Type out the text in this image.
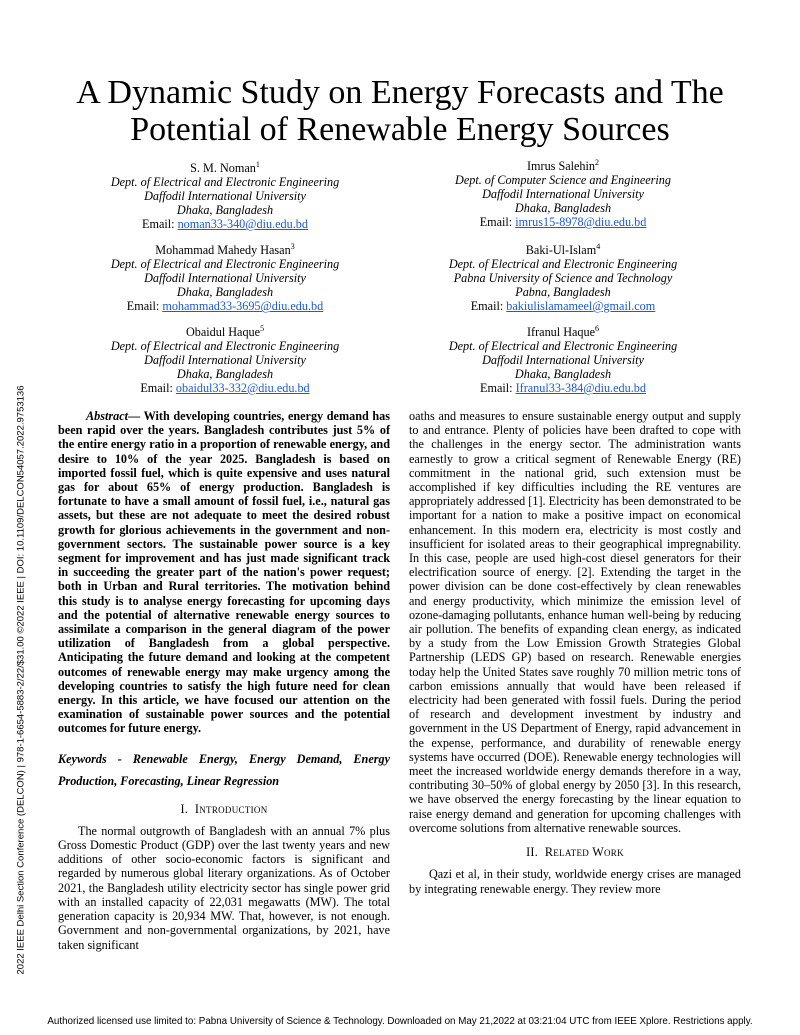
2022 IEEE Delhi Section Conference (DELCON) | 978-1-6654-5883-2/22/$31.00 ©2022 IEEE | DOI: 10.1109/DELCON54057.2022.9753136
A Dynamic Study on Energy Forecasts and The
Potential of Renewable Energy Sources
S. M. Noman$^1$
Dept. of Electrical and Electronic Engineering
Daffodil International University
Dhaka, Bangladesh
Email: noman33-340@diu.edu.bd
Imrus Salehin$^2$
Dept. of Computer Science and Engineering
Daffodil International University
Dhaka, Bangladesh
Email: imrus15-8978@diu.edu.bd
Mohammad Mahedy Hasan$^3$
Dept. of Electrical and Electronic Engineering
Daffodil International University
Dhaka, Bangladesh
Email: mohammad33-3695@diu.edu.bd
Baki-Ul-Islam$^4$
Dept. of Electrical and Electronic Engineering
Pabna University of Science and Technology
Pabna, Bangladesh
Email: bakiulislamameel@gmail.com
Obaidul Haque$^5$
Dept. of Electrical and Electronic Engineering
Daffodil International University
Dhaka, Bangladesh
Email: obaidul33-332@diu.edu.bd
Ifranul Haque$^6$
Dept. of Electrical and Electronic Engineering
Daffodil International University
Dhaka, Bangladesh
Email: Ifranul33-384@diu.edu.bd

Abstract— With developing countries, energy demand has been rapid over the years. Bangladesh contributes just 5% of the entire energy ratio in a proportion of renewable energy, and desire to 10% of the year 2025. Bangladesh is based on imported fossil fuel, which is quite expensive and uses natural gas for about 65% of energy production. Bangladesh is fortunate to have a small amount of fossil fuel, i.e., natural gas assets, but these are not adequate to meet the desired robust growth for glorious achievements in the government and non-government sectors. The sustainable power source is a key segment for improvement and has just made significant track in succeeding the greater part of the nation's power request; both in Urban and Rural territories. The motivation behind this study is to analyse energy forecasting for upcoming days and the potential of alternative renewable energy sources to assimilate a comparison in the general diagram of the power utilization of Bangladesh from a global perspective. Anticipating the future demand and looking at the competent outcomes of renewable energy may make urgency among the developing countries to satisfy the high future need for clean energy. In this article, we have focused our attention on the examination of sustainable power sources and the potential outcomes for future energy.

Keywords - Renewable Energy, Energy Demand, Energy Production, Forecasting, Linear Regression

I. Introduction

The normal outgrowth of Bangladesh with an annual 7% plus Gross Domestic Product (GDP) over the last twenty years and new additions of other socio-economic factors is significant and regarded by numerous global literary organizations. As of October 2021, the Bangladesh utility electricity sector has single power grid with an installed capacity of 22,031 megawatts (MW). The total generation capacity is 20,934 MW. That, however, is not enough. Government and non-governmental organizations, by 2021, have taken significant

oaths and measures to ensure sustainable energy output and supply to and entrance. Plenty of policies have been drafted to cope with the challenges in the energy sector. The administration wants earnestly to grow a critical segment of Renewable Energy (RE) commitment in the national grid, such extension must be accomplished if key difficulties including the RE ventures are appropriately addressed [1]. Electricity has been demonstrated to be important for a nation to make a positive impact on economical enhancement. In this modern era, electricity is most costly and insufficient for isolated areas to their geographical impregnability. In this case, people are used high-cost diesel generators for their electrification source of energy. [2]. Extending the target in the power division can be done cost-effectively by clean renewables and energy productivity, which minimize the emission level of ozone-damaging pollutants, enhance human well-being by reducing air pollution. The benefits of expanding clean energy, as indicated by a study from the Low Emission Growth Strategies Global Partnership (LEDS GP) based on research. Renewable energies today help the United States save roughly 70 million metric tons of carbon emissions annually that would have been released if electricity had been generated with fossil fuels. During the period of research and development investment by industry and government in the US Department of Energy, rapid advancement in the expense, performance, and durability of renewable energy systems have occurred (DOE). Renewable energy technologies will meet the increased worldwide energy demands therefore in a way, contributing 30–50% of global energy by 2050 [3]. In this research, we have observed the energy forecasting by the linear equation to raise energy demand and generation for upcoming challenges with overcome solutions from alternative renewable sources.

II. Related Work

Qazi et al, in their study, worldwide energy crises are managed by integrating renewable energy. They review more

Authorized licensed use limited to: Pabna University of Science & Technology. Downloaded on May 21,2022 at 03:21:04 UTC from IEEE Xplore. Restrictions apply.
